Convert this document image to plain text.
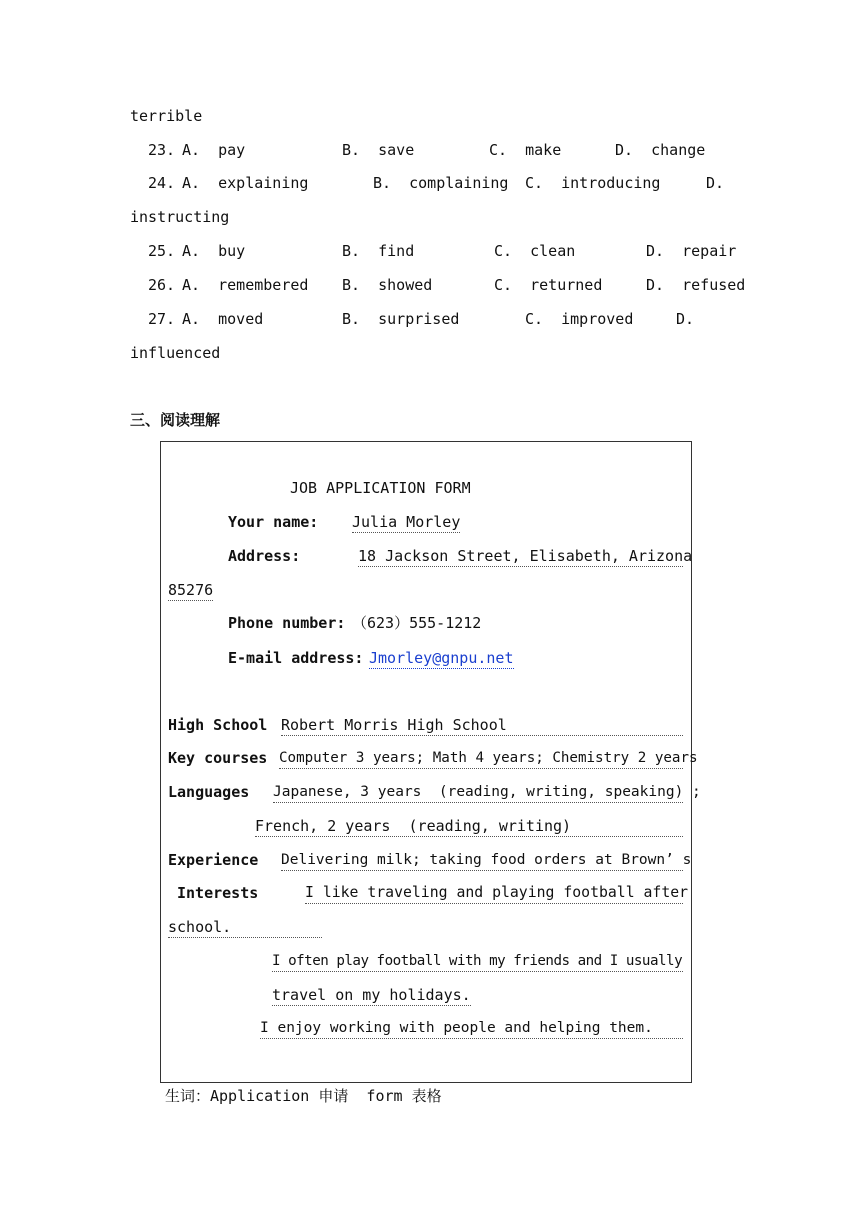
terrible
23. A.  pay	B.  save	C.  make	D.  change
24. A.  explaining	B.  complaining C.  introducing	D.
instructing
25. A.  buy	B.  find	C.  clean	D.  repair
26. A.  remembered B.  showed	C.  returned	D.  refused
27. A.  moved	B.  surprised	C.  improved	D.
influenced
三、阅读理解
JOB APPLICATION FORM
Your name: Julia Morley
Address:	18 Jackson Street, Elisabeth, Arizona
85276
Phone number: （623）555-1212
E-mail address: Jmorley@gnpu.net
High School Robert Morris High School
Key courses Computer 3 years; Math 4 years; Chemistry 2 years
Languages Japanese, 3 years  (reading, writing, speaking) ;
French, 2 years  (reading, writing)
Experience Delivering milk; taking food orders at Brown’ s
Interests	I like traveling and playing football after
school.
I often play football with my friends and I usually
travel on my holidays.
I enjoy working with people and helping them.
生词：Application 申请  form 表格
